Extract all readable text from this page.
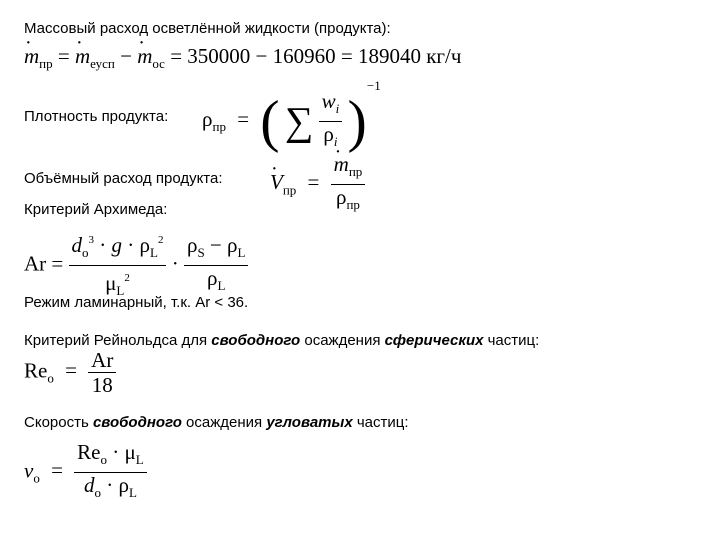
Массовый расход осветлённой жидкости (продукта):
· $m_{пр}$ = · $m_{еусп}$ − · $m_{ос} = 350000 - 160960 = 189040$ кг/ч
Плотность продукта: $\rho_{пр}$ = ( ∑ $\frac{w_i}{\rho_i} )^{-1}$
Объёмный расход продукта: · $V_{пр}$ = · $\frac{m_{пр}}{\rho_{пр}}$
Критерий Архимеда:
$Ar = \frac{d_о^3 \cdot g \cdot \rho_L^2}{\mu_L^2} \cdot \frac{\rho_S - \rho_L}{\rho_L}$
Режим ламинарный, т.к. Ar < 36.
Критерий Рейнольдса для свободного осаждения сферических частиц:
$Re_о = \frac{Ar}{18}$
Скорость свободного осаждения угловатых частиц:
$v_о = \frac{Re_о \cdot \mu_L}{d_о \cdot \rho_L}$
